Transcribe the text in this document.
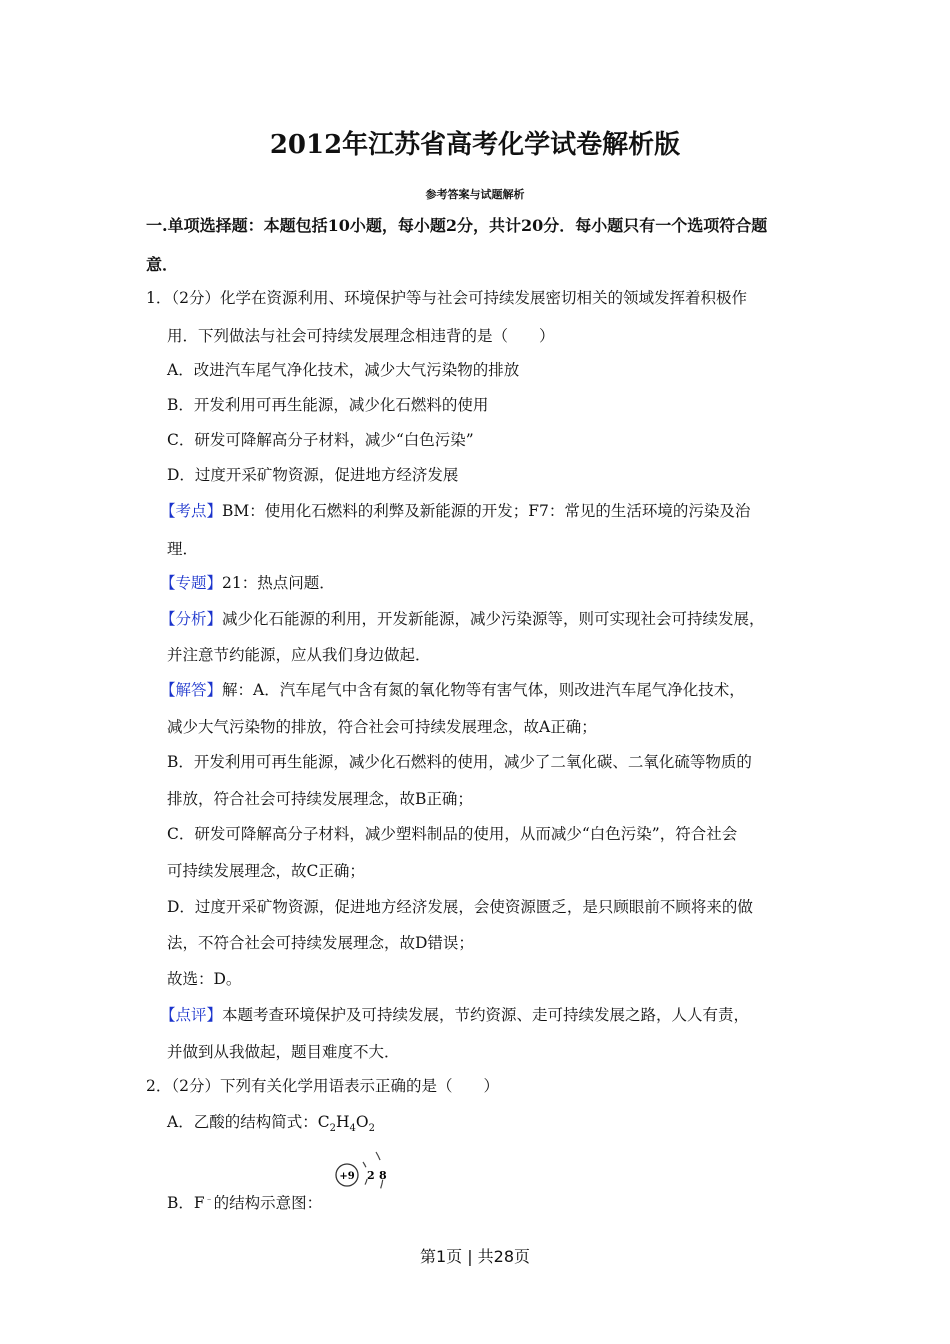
2012年江苏省高考化学试卷解析版
参考答案与试题解析
一.单项选择题：本题包括10小题，每小题2分，共计20分．每小题只有一个选项符合题
意．
1．（2分）化学在资源利用、环境保护等与社会可持续发展密切相关的领域发挥着积极作
用．下列做法与社会可持续发展理念相违背的是（　　）
A．改进汽车尾气净化技术，减少大气污染物的排放
B．开发利用可再生能源，减少化石燃料的使用
C．研发可降解高分子材料，减少“白色污染”
D．过度开采矿物资源，促进地方经济发展
【考点】BM：使用化石燃料的利弊及新能源的开发；F7：常见的生活环境的污染及治
理．
【专题】21：热点问题．
【分析】减少化石能源的利用，开发新能源，减少污染源等，则可实现社会可持续发展，
并注意节约能源，应从我们身边做起．
【解答】解：A．汽车尾气中含有氮的氧化物等有害气体，则改进汽车尾气净化技术，
减少大气污染物的排放，符合社会可持续发展理念，故A正确；
B．开发利用可再生能源，减少化石燃料的使用，减少了二氧化碳、二氧化硫等物质的
排放，符合社会可持续发展理念，故B正确；
C．研发可降解高分子材料，减少塑料制品的使用，从而减少“白色污染”，符合社会
可持续发展理念，故C正确；
D．过度开采矿物资源，促进地方经济发展，会使资源匮乏，是只顾眼前不顾将来的做
法，不符合社会可持续发展理念，故D错误；
故选：D。
【点评】本题考查环境保护及可持续发展，节约资源、走可持续发展之路，人人有责，
并做到从我做起，题目难度不大．
2．（2分）下列有关化学用语表示正确的是（　　）
A．乙酸的结构简式：$C_2H_4O_2$
B．F﹣的结构示意图：
+9 2 8
第1页 | 共28页
